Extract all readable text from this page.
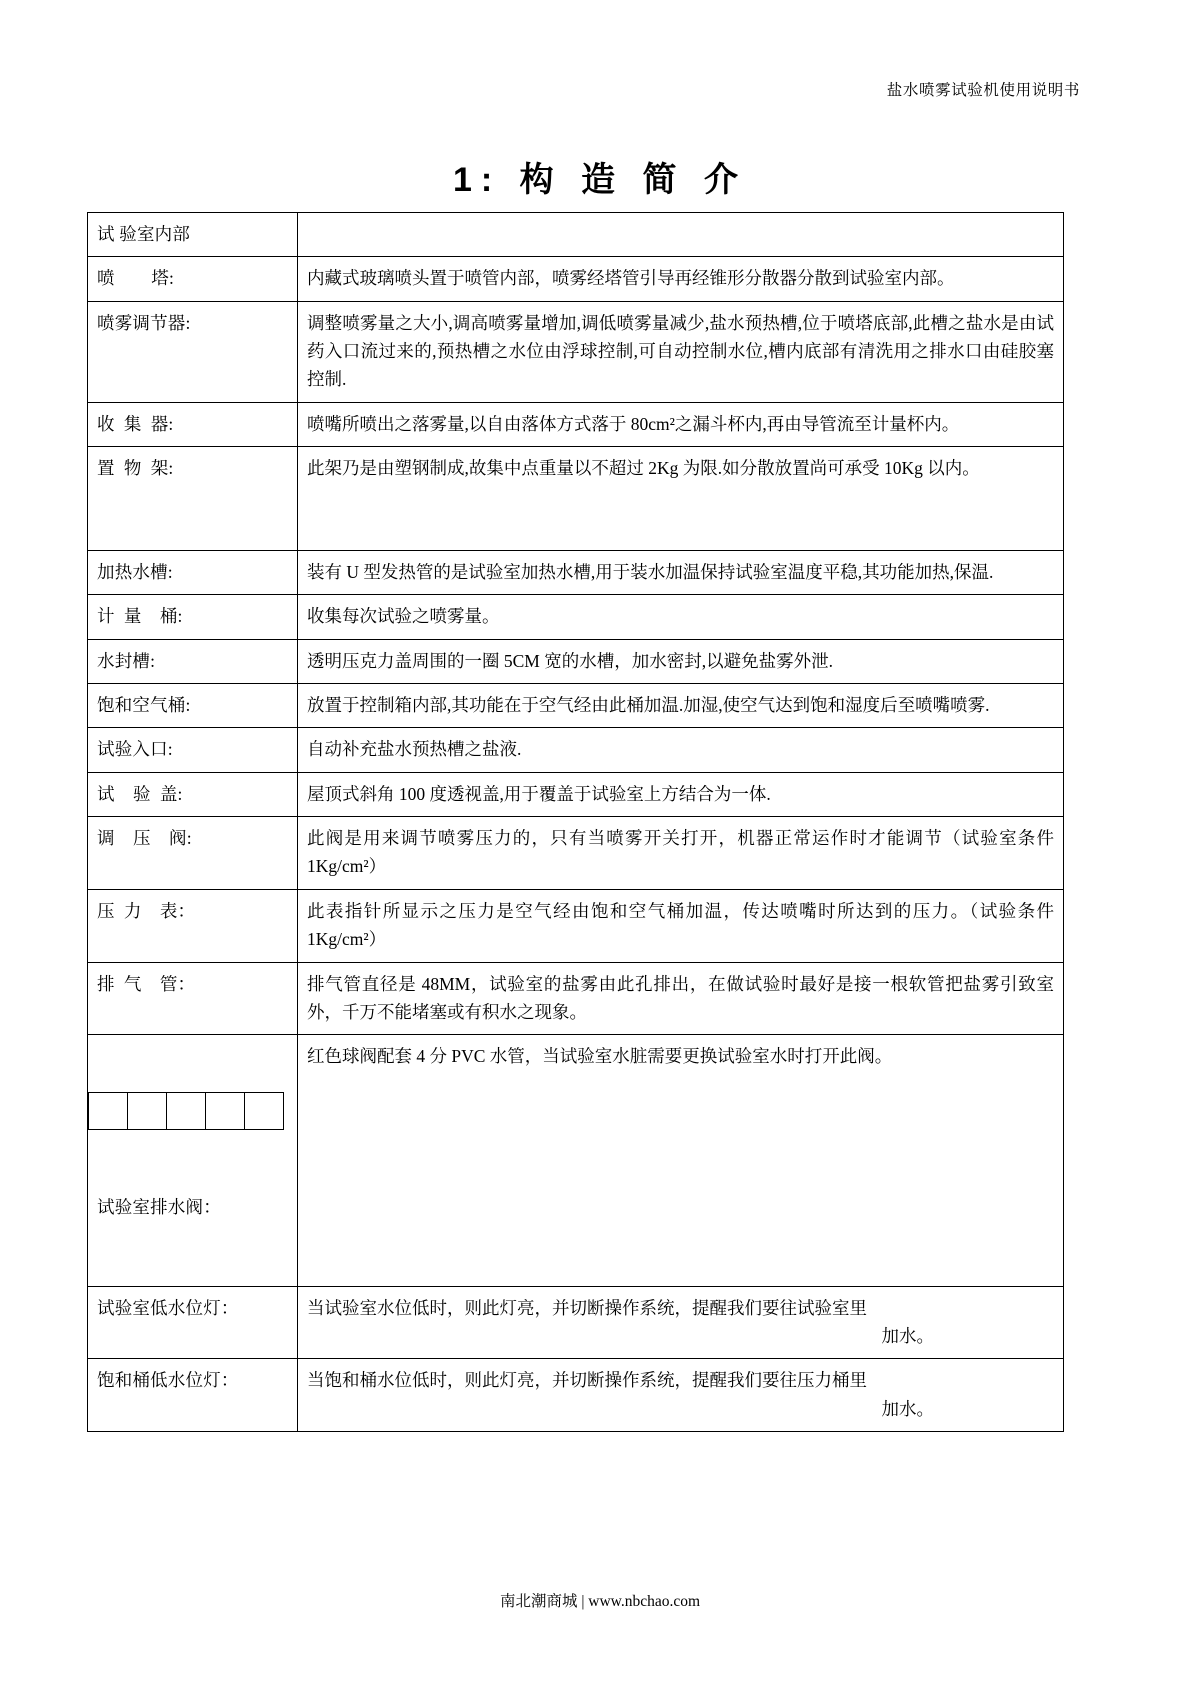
盐水喷雾试验机使用说明书
1: 构 造 简 介
试 验室内部	
喷        塔:	内藏式玻璃喷头置于喷管内部，喷雾经塔管引导再经锥形分散器分散到试验室内部。
喷雾调节器:	调整喷雾量之大小,调高喷雾量增加,调低喷雾量减少,盐水预热槽,位于喷塔底部,此槽之盐水是由试药入口流过来的,预热槽之水位由浮球控制,可自动控制水位,槽内底部有清洗用之排水口由硅胶塞控制.
收  集  器:	喷嘴所喷出之落雾量,以自由落体方式落于 80cm²之漏斗杯内,再由导管流至计量杯内。
置  物  架:	此架乃是由塑钢制成,故集中点重量以不超过 2Kg 为限.如分散放置尚可承受 10Kg 以内。
加热水槽:	装有 U 型发热管的是试验室加热水槽,用于装水加温保持试验室温度平稳,其功能加热,保温.
计  量    桶:	收集每次试验之喷雾量。
水封槽:	透明压克力盖周围的一圈 5CM 宽的水槽，加水密封,以避免盐雾外泄.
饱和空气桶:	放置于控制箱内部,其功能在于空气经由此桶加温.加湿,使空气达到饱和湿度后至喷嘴喷雾.
试验入口:	自动补充盐水预热槽之盐液.
试    验  盖:	屋顶式斜角 100 度透视盖,用于覆盖于试验室上方结合为一体.
调    压    阀:	此阀是用来调节喷雾压力的，只有当喷雾开关打开，机器正常运作时才能调节（试验室条件 1Kg/cm²）
压  力    表：	此表指针所显示之压力是空气经由饱和空气桶加温，传达喷嘴时所达到的压力。（试验条件 1Kg/cm²）
排  气    管：	排气管直径是 48MM，试验室的盐雾由此孔排出，在做试验时最好是接一根软管把盐雾引致室外，千万不能堵塞或有积水之现象。

试验室排水阀：	红色球阀配套 4 分 PVC 水管，当试验室水脏需要更换试验室水时打开此阀。
试验室低水位灯：	当试验室水位低时，则此灯亮，并切断操作系统，提醒我们要往试验室里

加水。

饱和桶低水位灯：	当饱和桶水位低时，则此灯亮，并切断操作系统，提醒我们要往压力桶里

加水。

南北潮商城 | www.nbchao.com
